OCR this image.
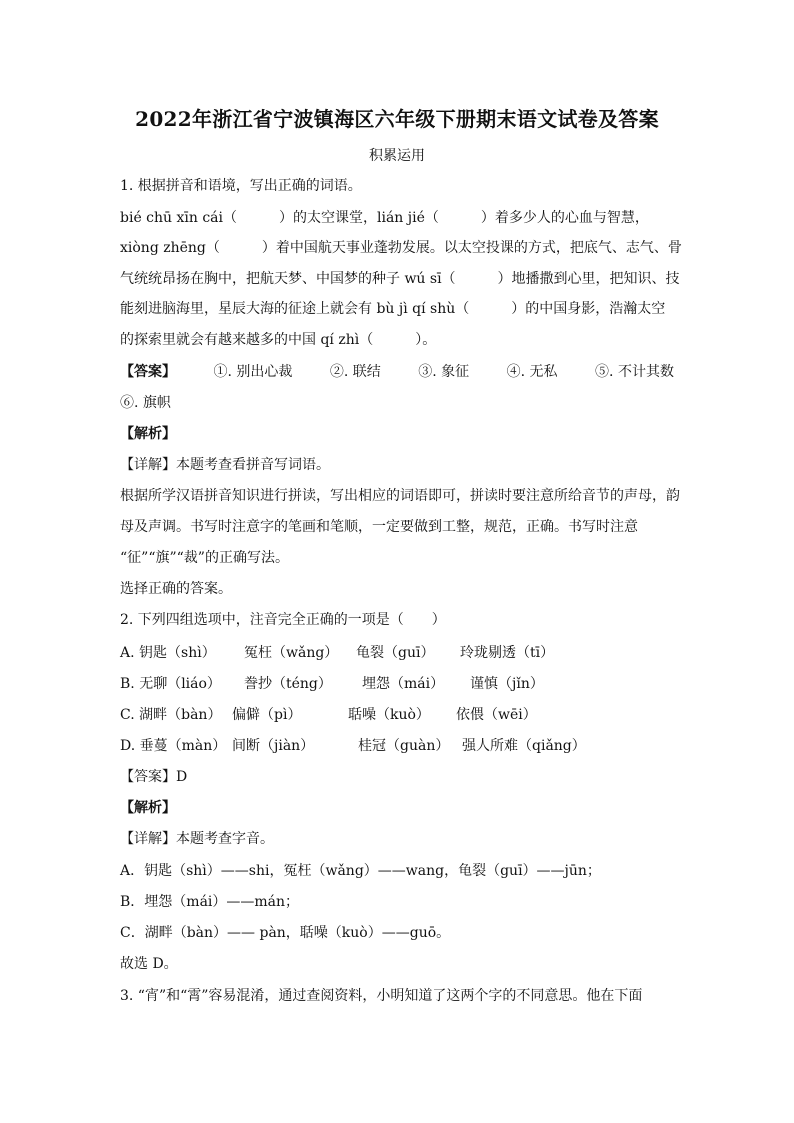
2022年浙江省宁波镇海区六年级下册期末语文试卷及答案
积累运用
1. 根据拼音和语境，写出正确的词语。
bié chū xīn cái（　　　）的太空课堂，lián jié（　　　）着多少人的心血与智慧，
xiòng zhēng（　　　）着中国航天事业蓬勃发展。以太空投课的方式，把底气、志气、骨
气统统昂扬在胸中，把航天梦、中国梦的种子 wú sī（　　　）地播撒到心里，把知识、技
能刻进脑海里，星辰大海的征途上就会有 bù jì qí shù（　　　）的中国身影，浩瀚太空
的探索里就会有越来越多的中国 qí zhì（　　　）。
【答案】	①. 别出心裁	②. 联结	③. 象征	④. 无私	⑤. 不计其数
⑥. 旗帜
【解析】
【详解】本题考查看拼音写词语。
根据所学汉语拼音知识进行拼读，写出相应的词语即可，拼读时要注意所给音节的声母，韵
母及声调。书写时注意字的笔画和笔顺，一定要做到工整，规范，正确。书写时注意
“征”“旗”“裁”的正确写法。
选择正确的答案。
2. 下列四组选项中，注音完全正确的一项是（　　）
A. 钥匙（shì）	冤枉（wǎng）	龟裂（guī）	玲珑剔透（tī）
B. 无聊（liáo）	誊抄（téng）	埋怨（mái）	谨慎（jǐn）
C. 湖畔（bàn） 偏僻（pì）	聒噪（kuò）	依偎（wēi）
D. 垂蔓（màn） 间断（jiàn）	桂冠（guàn） 强人所难（qiǎng）
【答案】D
【解析】
【详解】本题考查字音。
A．钥匙（shì）——shi，冤枉（wǎng）——wang，龟裂（guī）——jūn；
B．埋怨（mái）——mán；
C．湖畔（bàn）—— pàn，聒噪（kuò）——guō。
故选 D。
3. “宵”和“霄”容易混淆，通过查阅资料，小明知道了这两个字的不同意思。他在下面
